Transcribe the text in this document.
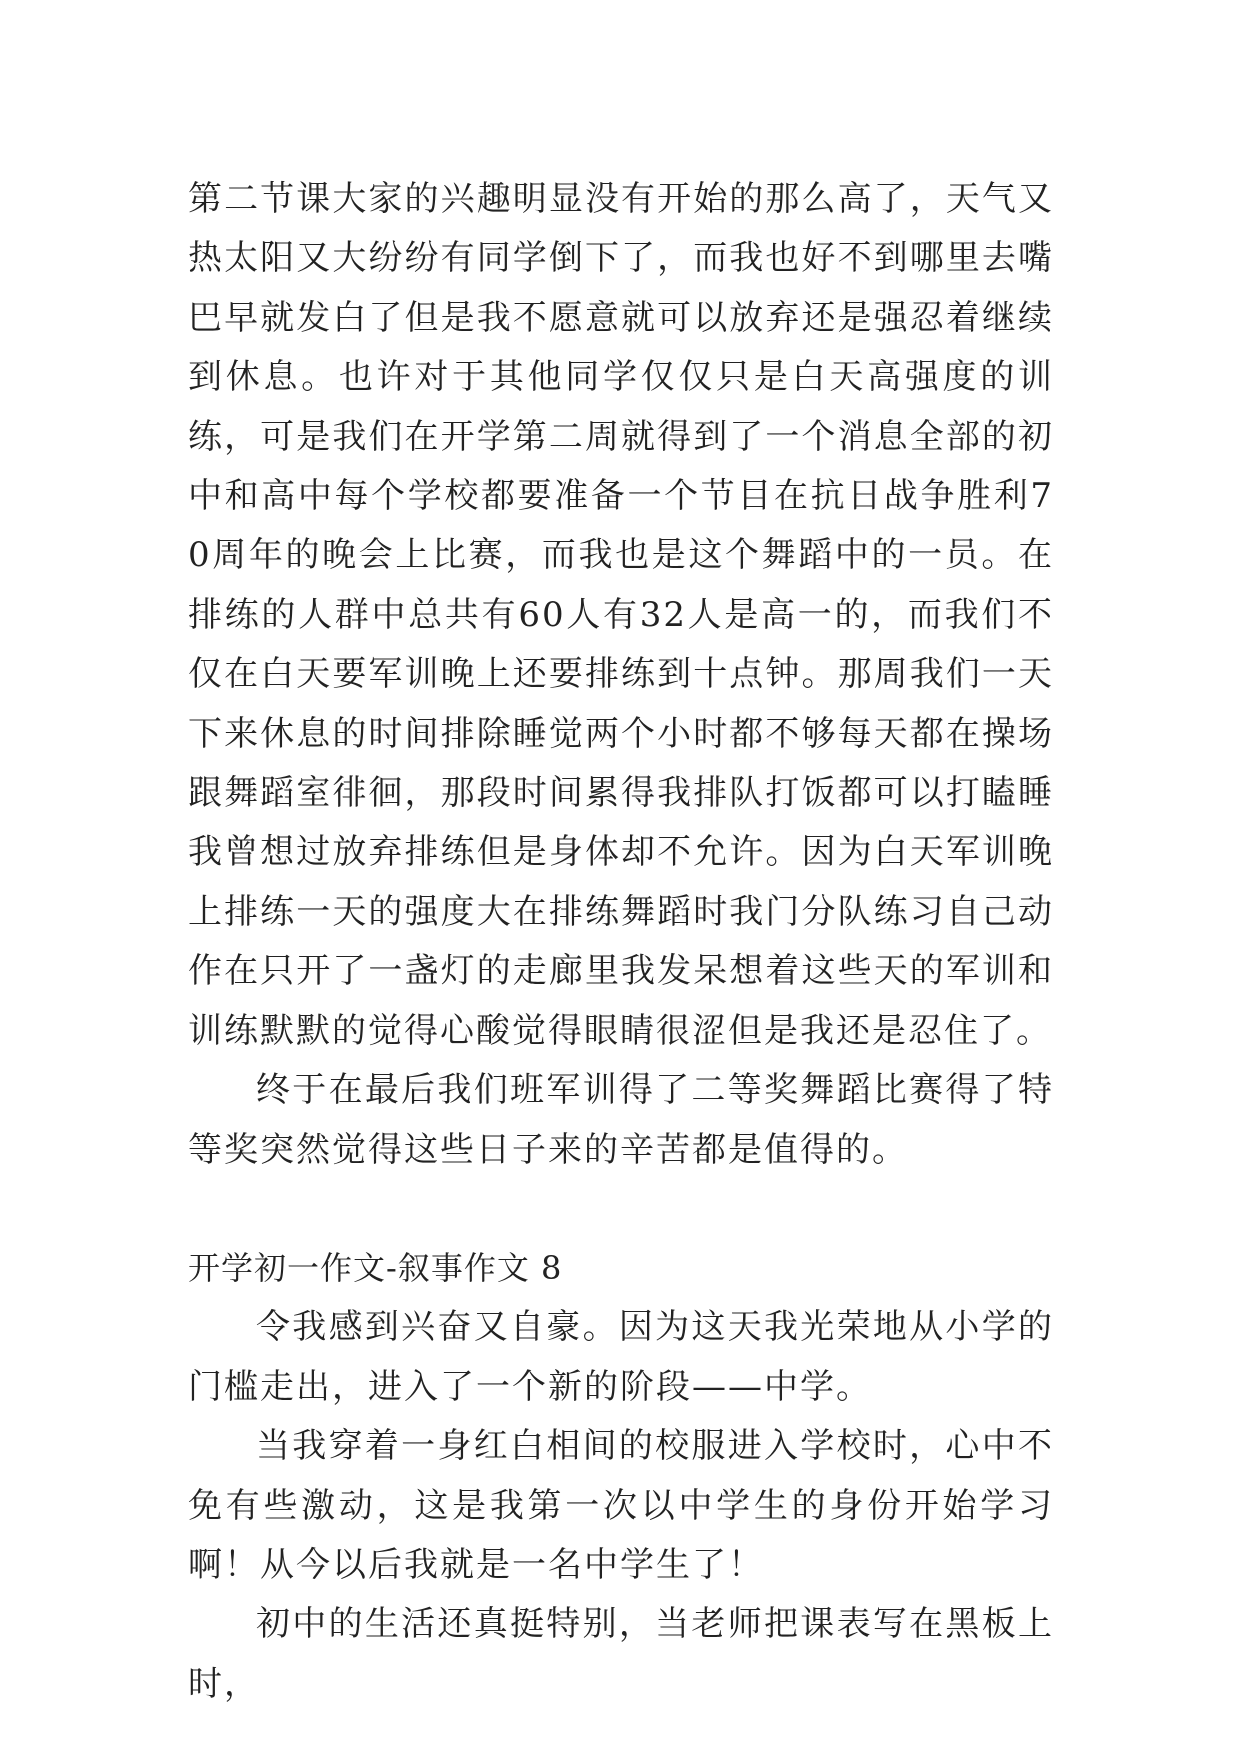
第二节课大家的兴趣明显没有开始的那么高了，天气又热太阳又大纷纷有同学倒下了，而我也好不到哪里去嘴巴早就发白了但是我不愿意就可以放弃还是强忍着继续到休息。也许对于其他同学仅仅只是白天高强度的训练，可是我们在开学第二周就得到了一个消息全部的初中和高中每个学校都要准备一个节目在抗日战争胜利70周年的晚会上比赛，而我也是这个舞蹈中的一员。在排练的人群中总共有60人有32人是高一的，而我们不仅在白天要军训晚上还要排练到十点钟。那周我们一天下来休息的时间排除睡觉两个小时都不够每天都在操场跟舞蹈室徘徊，那段时间累得我排队打饭都可以打瞌睡我曾想过放弃排练但是身体却不允许。因为白天军训晚上排练一天的强度大在排练舞蹈时我门分队练习自己动作在只开了一盏灯的走廊里我发呆想着这些天的军训和训练默默的觉得心酸觉得眼睛很涩但是我还是忍住了。

终于在最后我们班军训得了二等奖舞蹈比赛得了特等奖突然觉得这些日子来的辛苦都是值得的。

开学初一作文-叙事作文 8

令我感到兴奋又自豪。因为这天我光荣地从小学的门槛走出，进入了一个新的阶段——中学。

当我穿着一身红白相间的校服进入学校时，心中不免有些激动，这是我第一次以中学生的身份开始学习啊！从今以后我就是一名中学生了！

初中的生活还真挺特别，当老师把课表写在黑板上时，
